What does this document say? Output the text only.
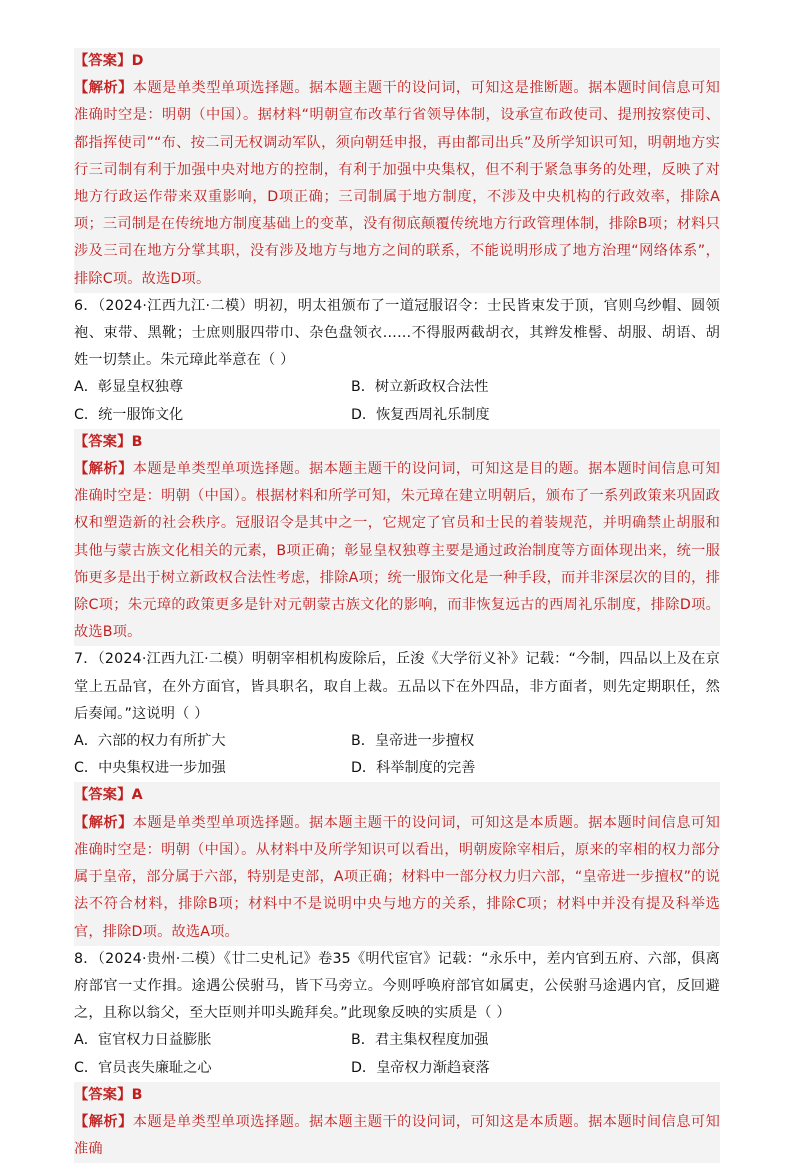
【答案】D
【解析】本题是单类型单项选择题。据本题主题干的设问词，可知这是推断题。据本题时间信息可知准确时空是：明朝（中国）。据材料“明朝宣布改革行省领导体制，设承宣布政使司、提刑按察使司、都指挥使司”“布、按二司无权调动军队，须向朝廷申报，再由都司出兵”及所学知识可知，明朝地方实行三司制有利于加强中央对地方的控制，有利于加强中央集权，但不利于紧急事务的处理，反映了对地方行政运作带来双重影响，D项正确；三司制属于地方制度，不涉及中央机构的行政效率，排除A项；三司制是在传统地方制度基础上的变革，没有彻底颠覆传统地方行政管理体制，排除B项；材料只涉及三司在地方分掌其职，没有涉及地方与地方之间的联系，不能说明形成了地方治理“网络体系”，排除C项。故选D项。

6．（2024·江西九江·二模）明初，明太祖颁布了一道冠服诏令：士民皆束发于顶，官则乌纱帽、圆领袍、束带、黑靴；士庶则服四带巾、杂色盘领衣……不得服两截胡衣，其辫发椎髻、胡服、胡语、胡姓一切禁止。朱元璋此举意在（ ）

A．彰显皇权独尊	B．树立新政权合法性
C．统一服饰文化	D．恢复西周礼乐制度
【答案】B
【解析】本题是单类型单项选择题。据本题主题干的设问词，可知这是目的题。据本题时间信息可知准确时空是：明朝（中国）。根据材料和所学可知，朱元璋在建立明朝后，颁布了一系列政策来巩固政权和塑造新的社会秩序。冠服诏令是其中之一，它规定了官员和士民的着装规范，并明确禁止胡服和其他与蒙古族文化相关的元素，B项正确；彰显皇权独尊主要是通过政治制度等方面体现出来，统一服饰更多是出于树立新政权合法性考虑，排除A项；统一服饰文化是一种手段，而并非深层次的目的，排除C项；朱元璋的政策更多是针对元朝蒙古族文化的影响，而非恢复远古的西周礼乐制度，排除D项。故选B项。

7．（2024·江西九江·二模）明朝宰相机构废除后，丘浚《大学衍义补》记载：“今制，四品以上及在京堂上五品官，在外方面官，皆具职名，取自上裁。五品以下在外四品，非方面者，则先定期职任，然后奏闻。”这说明（ ）

A．六部的权力有所扩大	B．皇帝进一步擅权
C．中央集权进一步加强	D．科举制度的完善
【答案】A
【解析】本题是单类型单项选择题。据本题主题干的设问词，可知这是本质题。据本题时间信息可知准确时空是：明朝（中国）。从材料中及所学知识可以看出，明朝废除宰相后，原来的宰相的权力部分属于皇帝，部分属于六部，特别是吏部，A项正确；材料中一部分权力归六部，“皇帝进一步擅权”的说法不符合材料，排除B项；材料中不是说明中央与地方的关系，排除C项；材料中并没有提及科举选官，排除D项。故选A项。

8．（2024·贵州·二模）《廿二史札记》卷35《明代宦官》记载：“永乐中，差内官到五府、六部，俱离府部官一丈作揖。途遇公侯驸马，皆下马旁立。今则呼唤府部官如属吏，公侯驸马途遇内官，反回避之，且称以翁父，至大臣则并叩头跪拜矣。”此现象反映的实质是（ ）

A．宦官权力日益膨胀	B．君主集权程度加强
C．官员丧失廉耻之心	D．皇帝权力渐趋衰落
【答案】B
【解析】本题是单类型单项选择题。据本题主题干的设问词，可知这是本质题。据本题时间信息可知准确
